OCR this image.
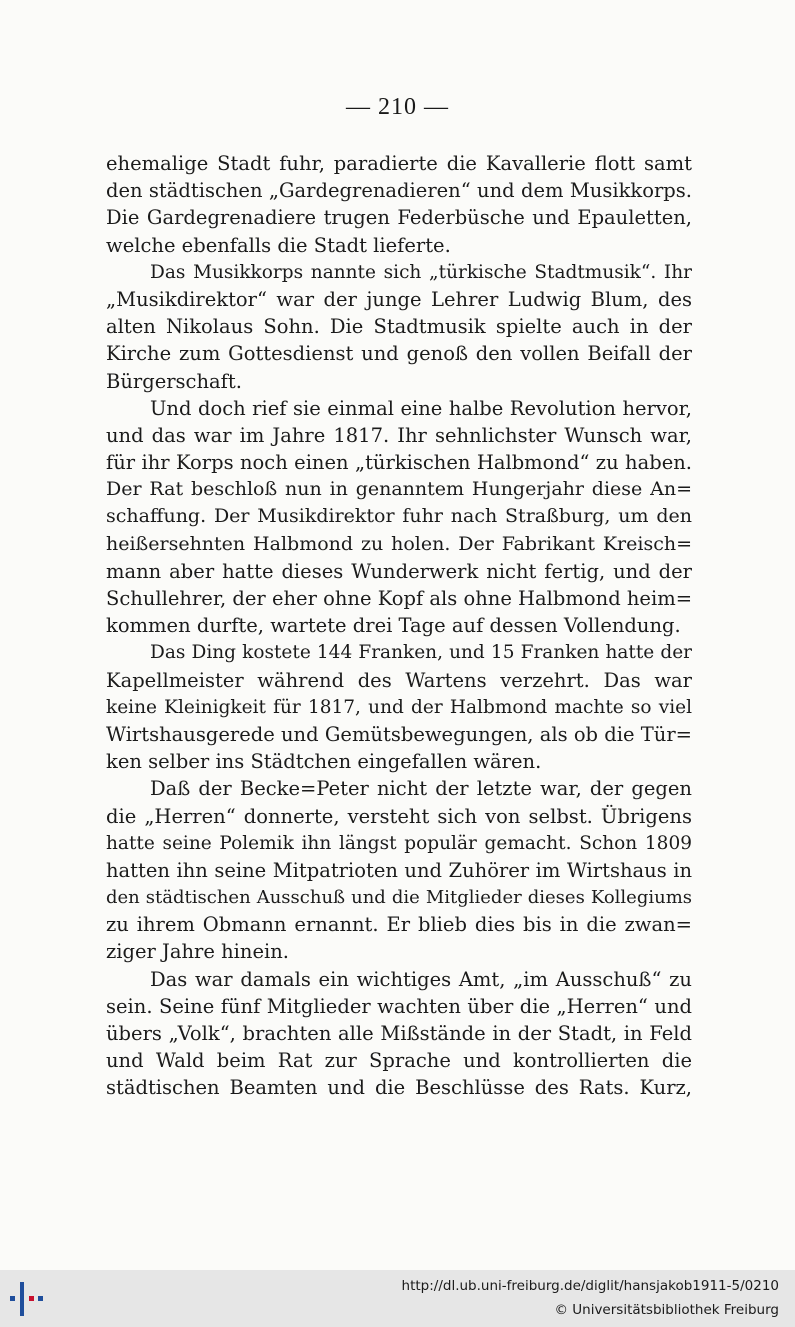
— 210 —
ehemalige Stadt fuhr, paradierte die Kavallerie flott samt
den städtischen „Gardegrenadieren“ und dem Musikkorps.
Die Gardegrenadiere trugen Federbüsche und Epauletten,
welche ebenfalls die Stadt lieferte.
Das Musikkorps nannte sich „türkische Stadtmusik“. Ihr
„Musikdirektor“ war der junge Lehrer Ludwig Blum, des
alten Nikolaus Sohn. Die Stadtmusik spielte auch in der
Kirche zum Gottesdienst und genoß den vollen Beifall der
Bürgerschaft.
Und doch rief sie einmal eine halbe Revolution hervor,
und das war im Jahre 1817. Ihr sehnlichster Wunsch war,
für ihr Korps noch einen „türkischen Halbmond“ zu haben.
Der Rat beschloß nun in genanntem Hungerjahr diese An=
schaffung. Der Musikdirektor fuhr nach Straßburg, um den
heißersehnten Halbmond zu holen. Der Fabrikant Kreisch=
mann aber hatte dieses Wunderwerk nicht fertig, und der
Schullehrer, der eher ohne Kopf als ohne Halbmond heim=
kommen durfte, wartete drei Tage auf dessen Vollendung.
Das Ding kostete 144 Franken, und 15 Franken hatte der
Kapellmeister während des Wartens verzehrt. Das war
keine Kleinigkeit für 1817, und der Halbmond machte so viel
Wirtshausgerede und Gemütsbewegungen, als ob die Tür=
ken selber ins Städtchen eingefallen wären.
Daß der Becke=Peter nicht der letzte war, der gegen
die „Herren“ donnerte, versteht sich von selbst. Übrigens
hatte seine Polemik ihn längst populär gemacht. Schon 1809
hatten ihn seine Mitpatrioten und Zuhörer im Wirtshaus in
den städtischen Ausschuß und die Mitglieder dieses Kollegiums
zu ihrem Obmann ernannt. Er blieb dies bis in die zwan=
ziger Jahre hinein.
Das war damals ein wichtiges Amt, „im Ausschuß“ zu
sein. Seine fünf Mitglieder wachten über die „Herren“ und
übers „Volk“, brachten alle Mißstände in der Stadt, in Feld
und Wald beim Rat zur Sprache und kontrollierten die
städtischen Beamten und die Beschlüsse des Rats. Kurz,
http://dl.ub.uni-freiburg.de/diglit/hansjakob1911-5/0210
© Universitätsbibliothek Freiburg
